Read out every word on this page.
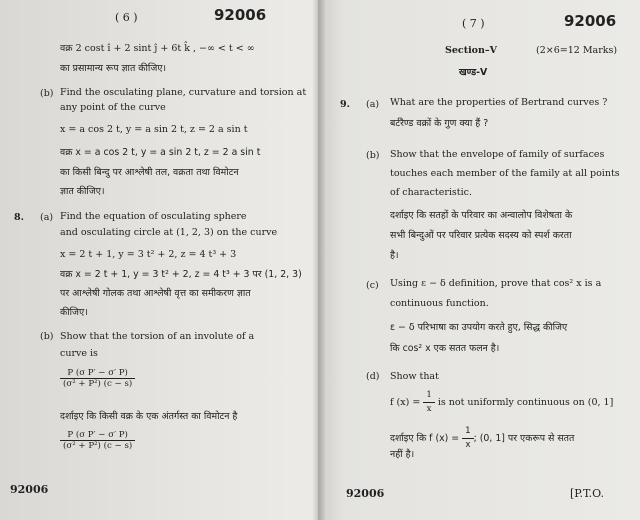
( 6 )	92006
वक्र 2 cost î + 2 sint ĵ + 6t k̂ , −∞ < t < ∞
का प्रसामान्य रूप ज्ञात कीजिए।
(b) Find the osculating plane, curvature and torsion at
any point of the curve
x = a cos 2 t, y = a sin 2 t, z = 2 a sin t
वक्र x = a cos 2 t, y = a sin 2 t, z = 2 a sin t
का किसी बिन्दु पर आश्लेषी तल, वक्रता तथा विमोटन
ज्ञात कीजिए।
8. (a) Find the equation of osculating sphere
and osculating circle at (1, 2, 3) on the curve
x = 2 t + 1, y = 3 t² + 2, z = 4 t³ + 3
वक्र x = 2 t + 1, y = 3 t² + 2, z = 4 t³ + 3 पर (1, 2, 3)
पर आश्लेषी गोलक तथा आश्लेषी वृत्त का समीकरण ज्ञात
कीजिए।
(b) Show that the torsion of an involute of a
curve is
$\frac{\text{P (σ P′ − σ′ P)}}{\text{(σ² + P²) (c − s)}}$
दर्शाइए कि किसी वक्र के एक अंतर्गस्त का विमोटन है
$\frac{\text{P (σ P′ − σ′ P)}}{\text{(σ² + P²) (c − s)}}$
92006
( 7 )	92006
Section–V	(2×6=12 Marks)
खण्ड-V
9. (a) What are the properties of Bertrand curves ?
बर्टरैण्ड वक्रों के गुण क्या हैं ?
(b) Show that the envelope of family of surfaces
touches each member of the family at all points
of characteristic.
दर्शाइए कि सतहों के परिवार का अन्वालोप विशेषता के
सभी बिन्दुओं पर परिवार प्रत्येक सदस्य को स्पर्श करता
है।
(c) Using ε − δ definition, prove that cos² x is a
continuous function.
ε − δ परिभाषा का उपयोग करते हुए, सिद्ध कीजिए
कि cos² x एक सतत फलन है।
(d) Show that
f $(x) = \frac{1}{x}$ is not uniformly continuous on (0, 1]
दर्शाइए कि f $(x) = \frac{1}{x}$ ; (0, 1] पर एकरूप से सतत
नहीं है।
92006	[P.T.O.
